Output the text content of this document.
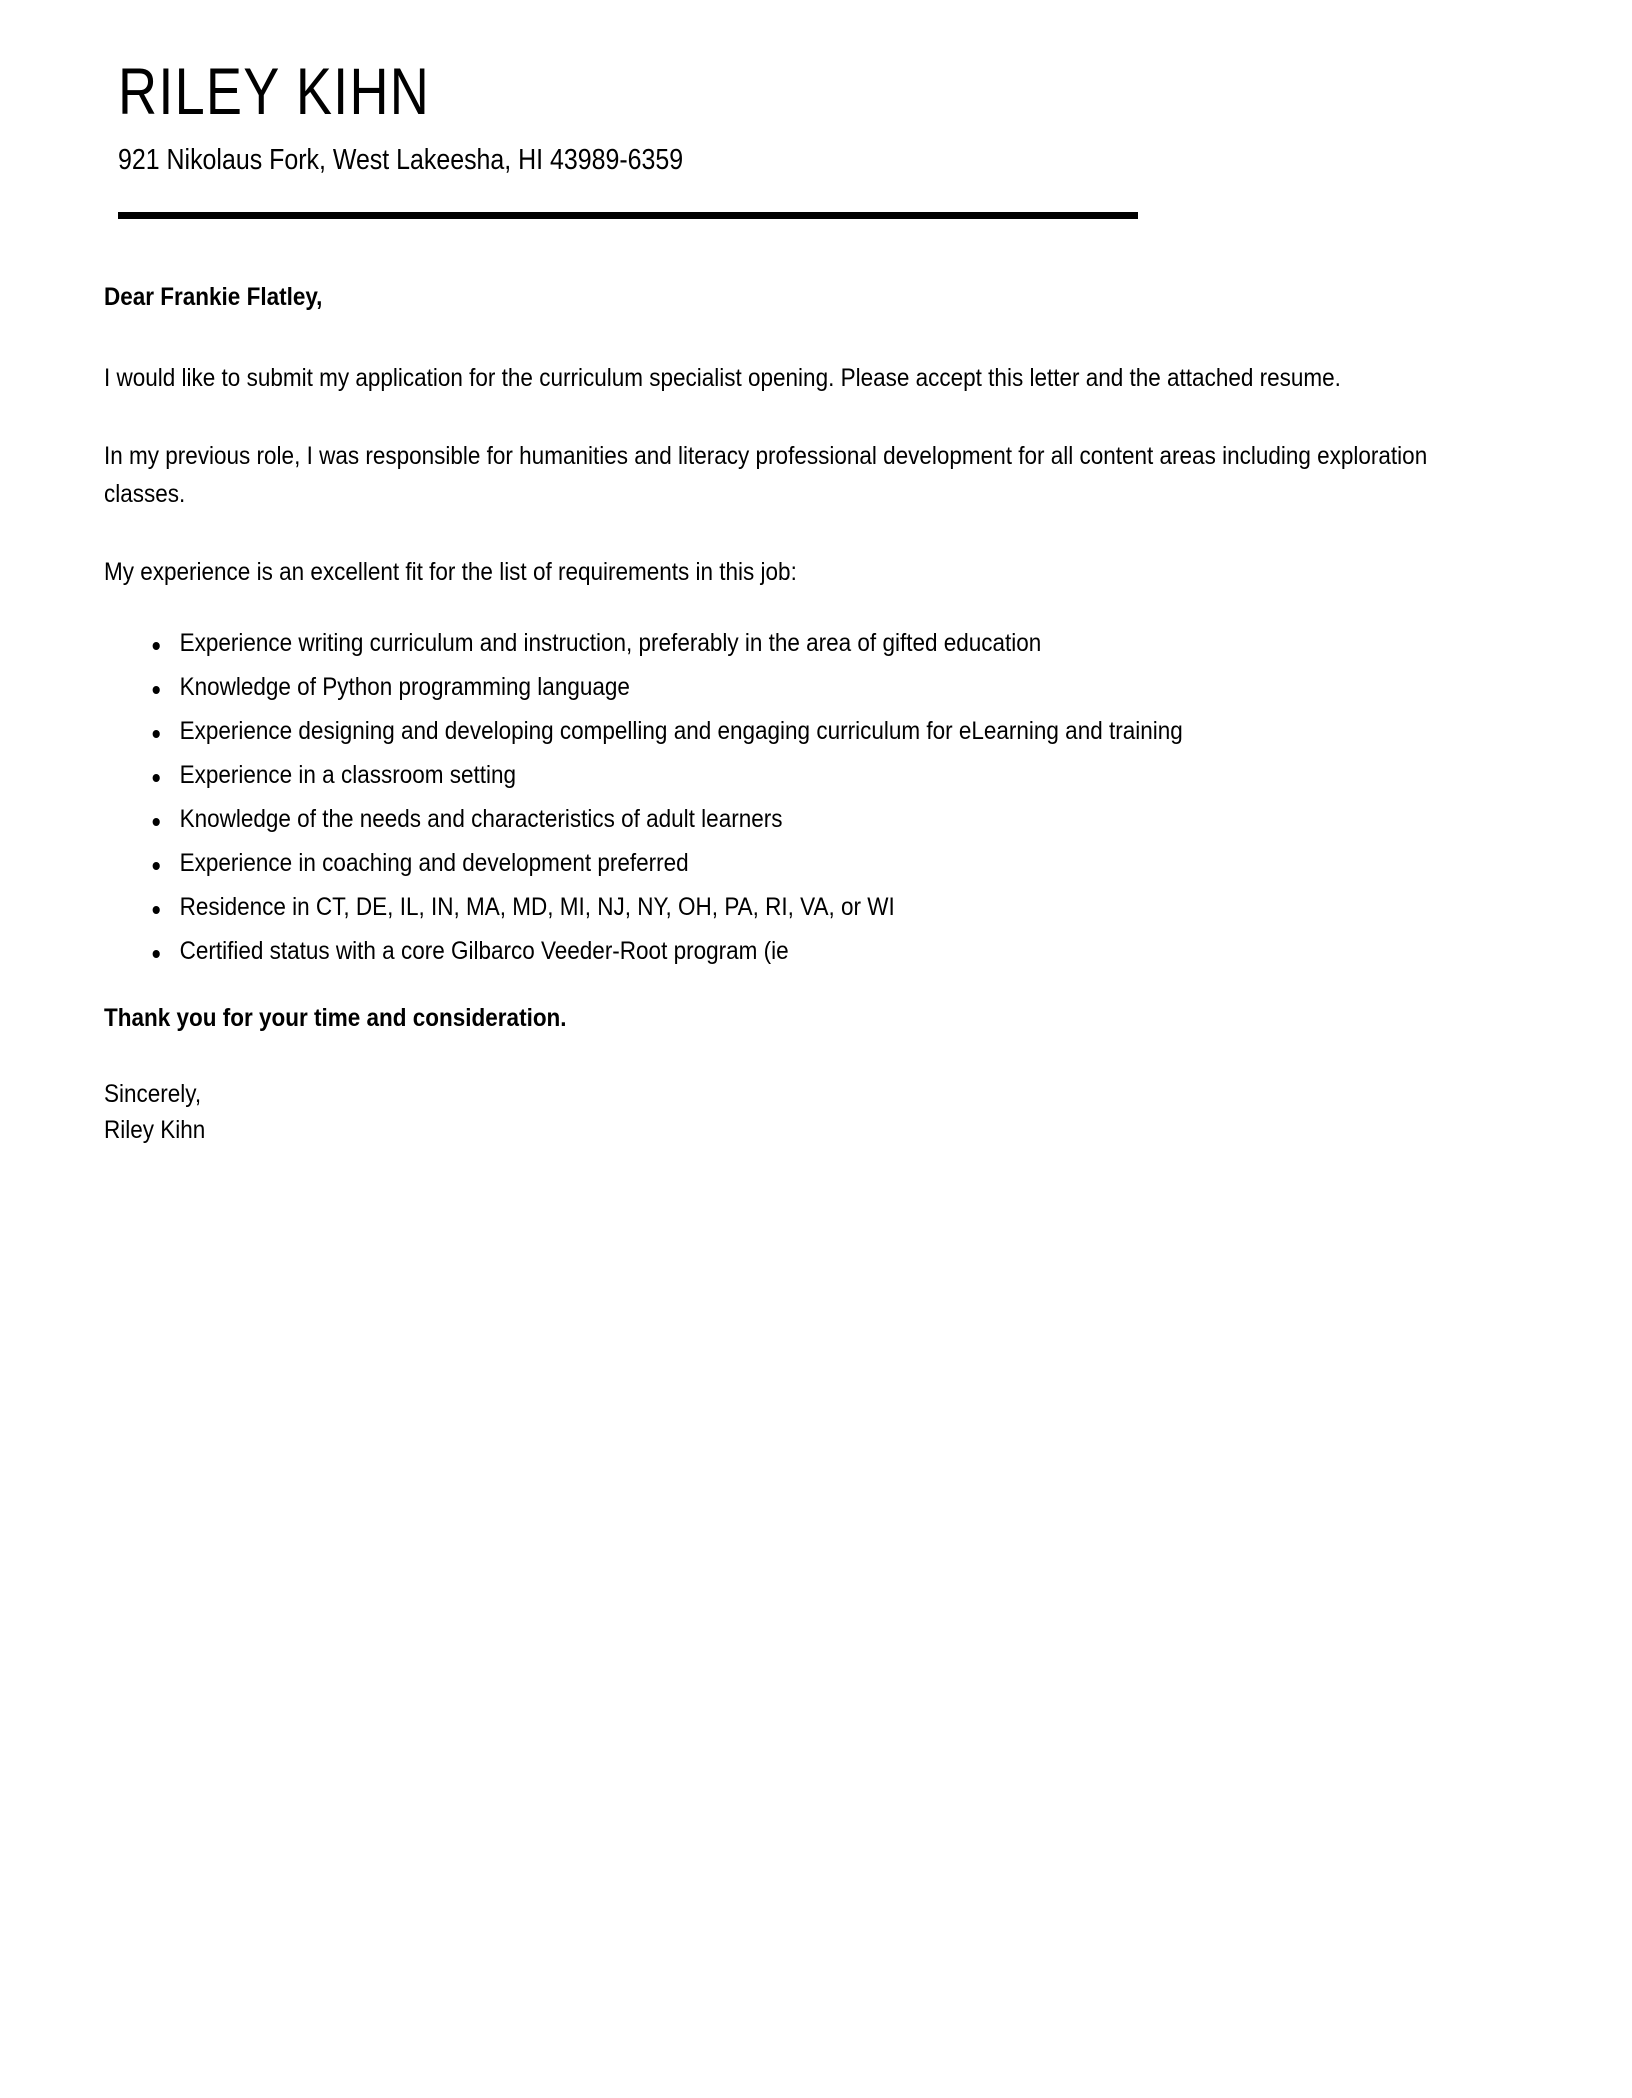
RILEY KIHN
921 Nikolaus Fork, West Lakeesha, HI 43989-6359

Dear Frankie Flatley,

I would like to submit my application for the curriculum specialist opening. Please accept this letter and the attached resume.

In my previous role, I was responsible for humanities and literacy professional development for all content areas including exploration classes.

My experience is an excellent fit for the list of requirements in this job:

Experience writing curriculum and instruction, preferably in the area of gifted education
Knowledge of Python programming language
Experience designing and developing compelling and engaging curriculum for eLearning and training
Experience in a classroom setting
Knowledge of the needs and characteristics of adult learners
Experience in coaching and development preferred
Residence in CT, DE, IL, IN, MA, MD, MI, NJ, NY, OH, PA, RI, VA, or WI
Certified status with a core Gilbarco Veeder-Root program (ie

Thank you for your time and consideration.

Sincerely,
Riley Kihn
